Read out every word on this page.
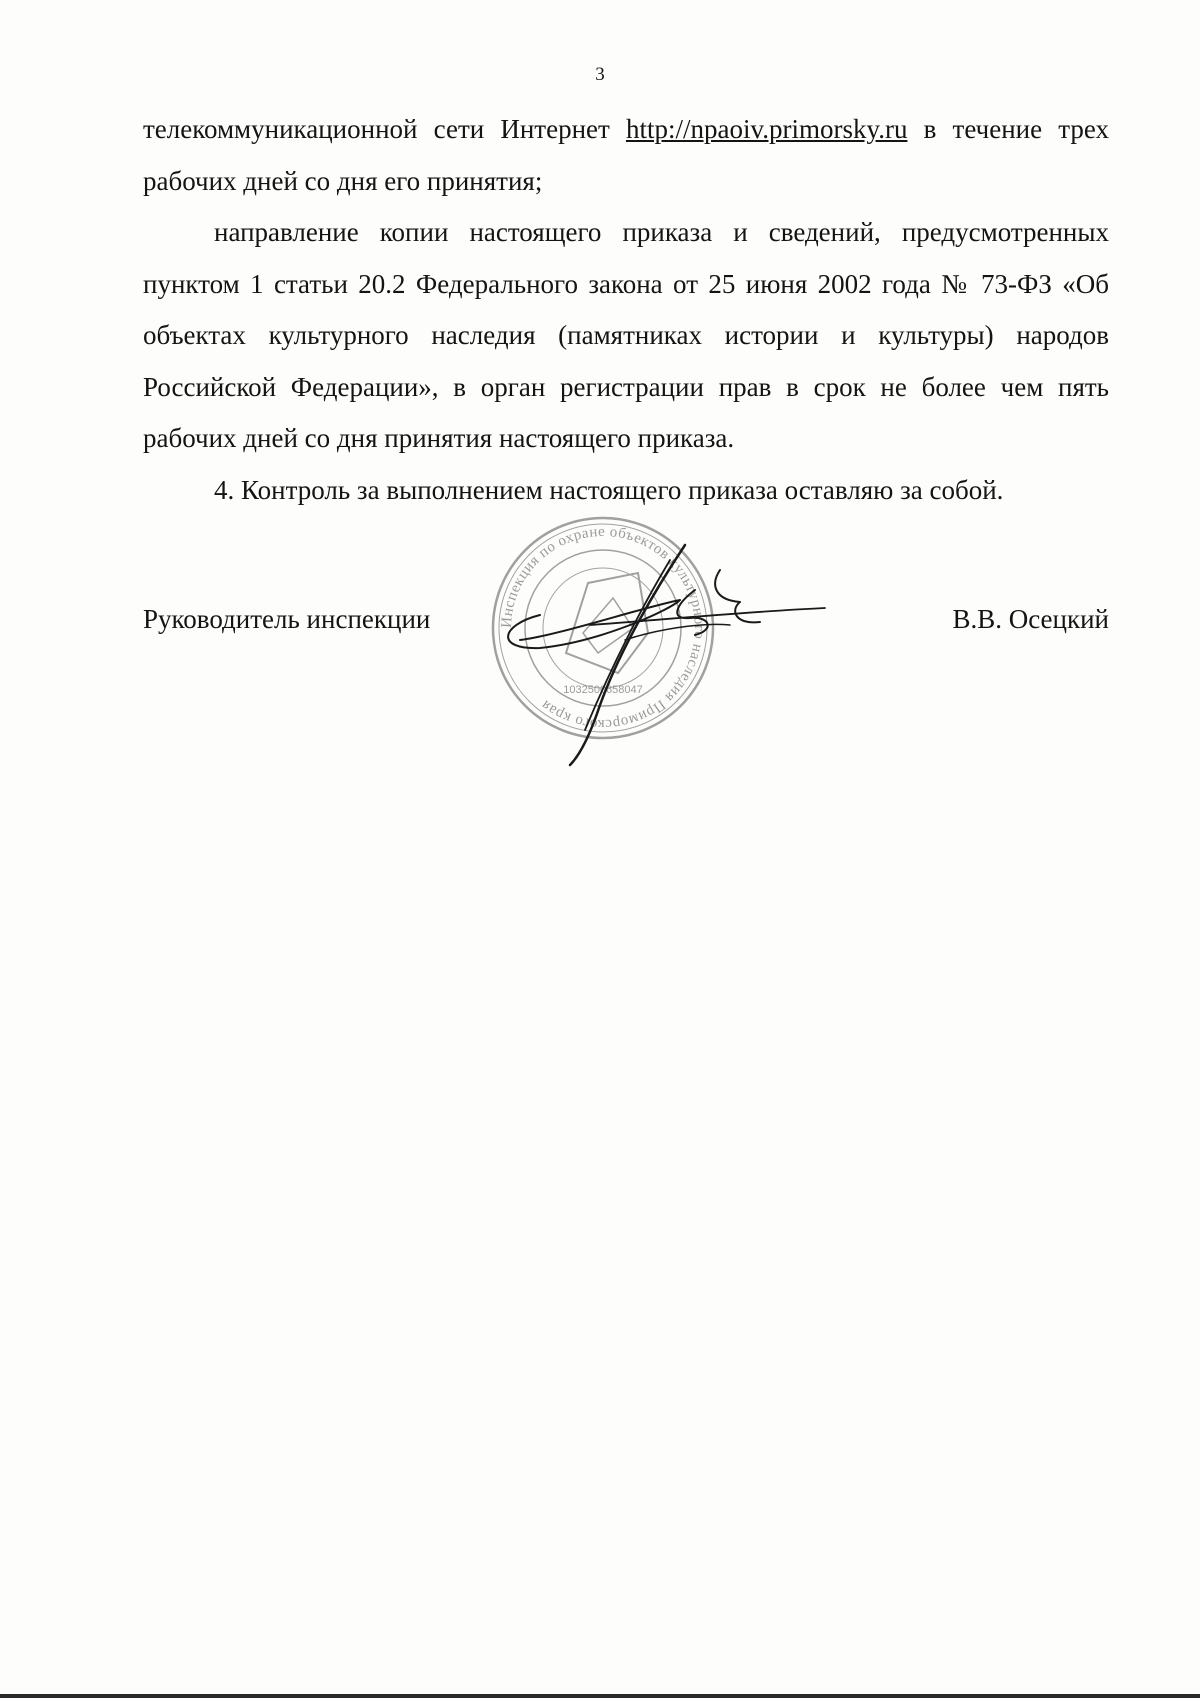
3

телекоммуникационной сети Интернет http://npaoiv.primorsky.ru в течение трех рабочих дней со дня его принятия;

направление копии настоящего приказа и сведений, предусмотренных пунктом 1 статьи 20.2 Федерального закона от 25 июня 2002 года № 73-ФЗ «Об объектах культурного наследия (памятниках истории и культуры) народов Российской Федерации», в орган регистрации прав в срок не более чем пять рабочих дней со дня принятия настоящего приказа.

4. Контроль за выполнением настоящего приказа оставляю за собой.

Инспекция по охране объектов культурного наследия Приморского края
1032500658047
Руководитель инспекции	В.В. Осецкий
